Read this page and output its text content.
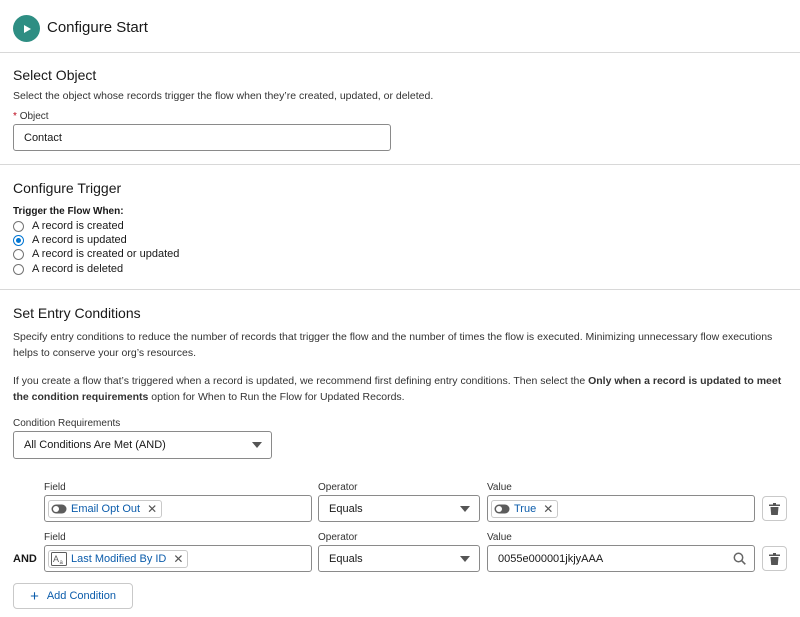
Configure Start
Select Object
Select the object whose records trigger the flow when they’re created, updated, or deleted.
* Object
Contact
Configure Trigger
Trigger the Flow When:
A record is created
A record is updated
A record is created or updated
A record is deleted
Set Entry Conditions
Specify entry conditions to reduce the number of records that trigger the flow and the number of times the flow is executed. Minimizing unnecessary flow executions helps to conserve your org’s resources.
If you create a flow that’s triggered when a record is updated, we recommend first defining entry conditions. Then select the Only when a record is updated to meet the condition requirements option for When to Run the Flow for Updated Records.
Condition Requirements
All Conditions Are Met (AND)
Field
Email Opt Out ✕
Operator
Equals
Value
True ✕
AND
Field
A a Last Modified By ID ✕
Operator
Equals
Value
0055e000001jkjyAAA
+ Add Condition
